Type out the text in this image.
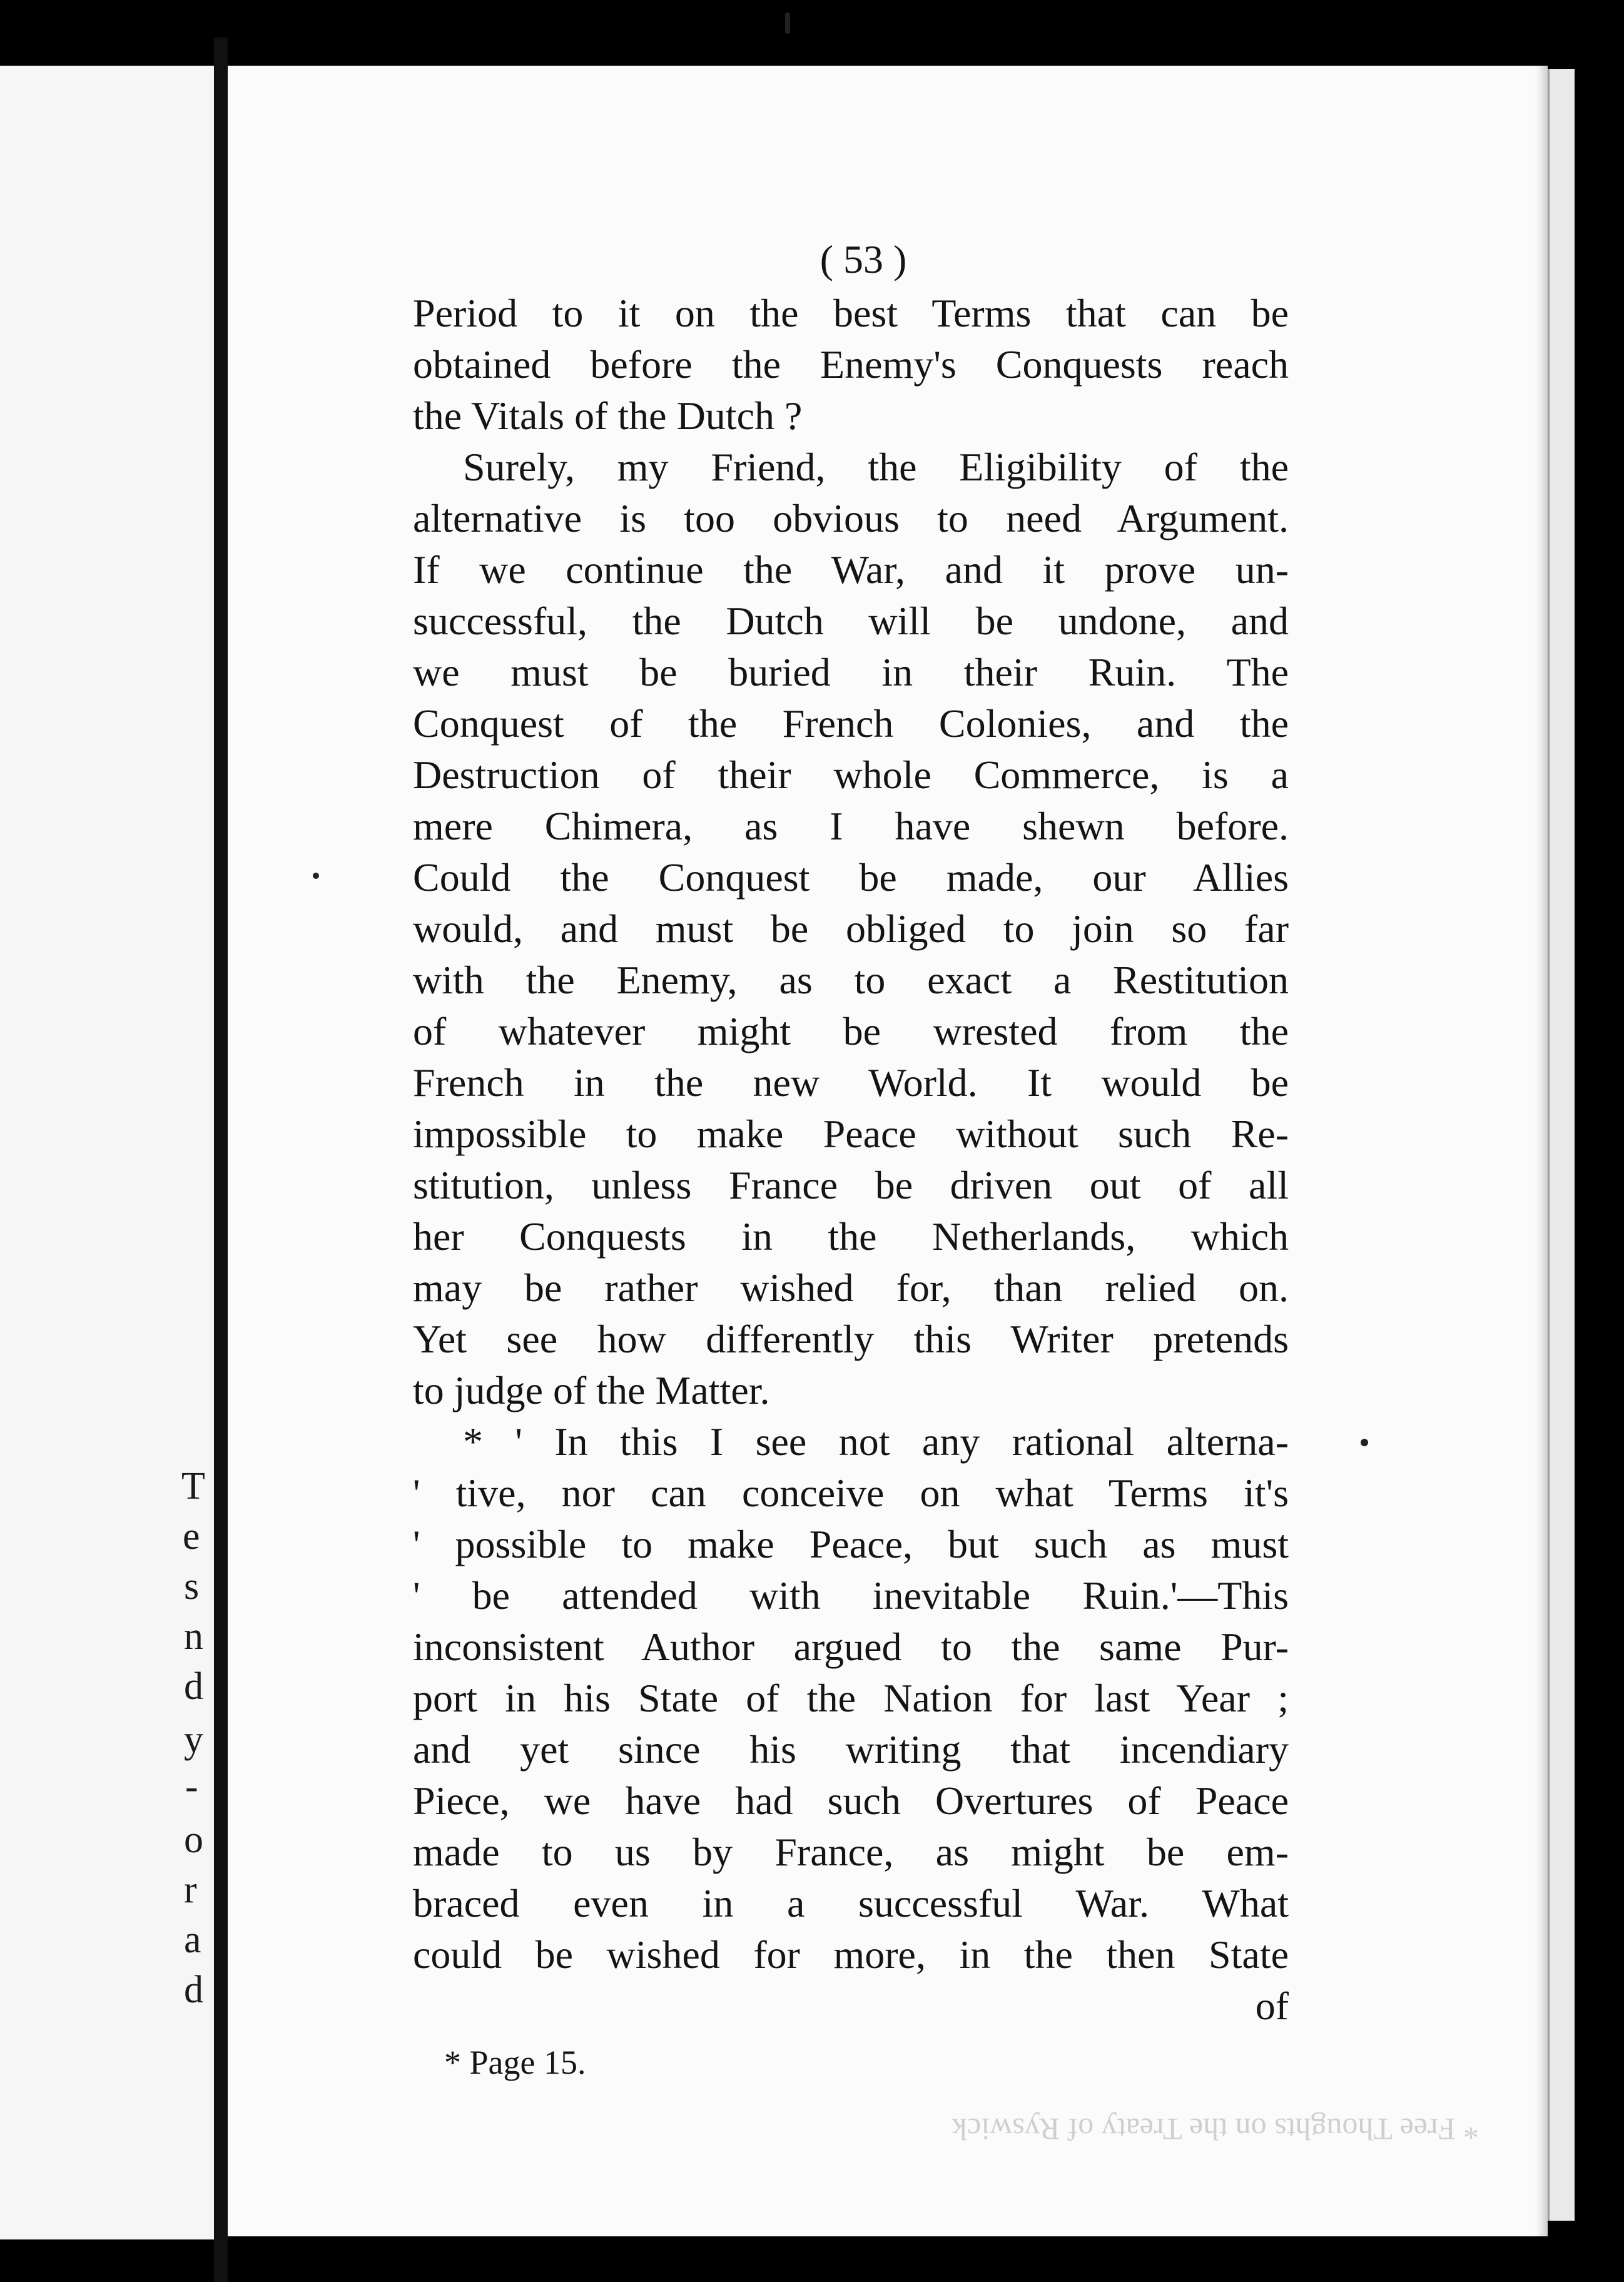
T
e
s
n
d
y
-
o
r
a
d
* Free Thoughts on the Treaty of Ryswick
( 53 )
Period to it on the best Terms that can be
obtained before the Enemy's Conquests reach
the Vitals of the Dutch ?
Surely, my Friend, the Eligibility of the
alternative is too obvious to need Argument.
If we continue the War, and it prove un-
successful, the Dutch will be undone, and
we must be buried in their Ruin. The
Conquest of the French Colonies, and the
Destruction of their whole Commerce, is a
mere Chimera, as I have shewn before.
Could the Conquest be made, our Allies
would, and must be obliged to join so far
with the Enemy, as to exact a Restitution
of whatever might be wrested from the
French in the new World. It would be
impossible to make Peace without such Re-
stitution, unless France be driven out of all
her Conquests in the Netherlands, which
may be rather wished for, than relied on.
Yet see how differently this Writer pretends
to judge of the Matter.
* ' In this I see not any rational alterna-
' tive, nor can conceive on what Terms it's
' possible to make Peace, but such as must
' be attended with inevitable Ruin.'—This
inconsistent Author argued to the same Pur-
port in his State of the Nation for last Year ;
and yet since his writing that incendiary
Piece, we have had such Overtures of Peace
made to us by France, as might be em-
braced even in a successful War. What
could be wished for more, in the then State
of
* Page 15.
